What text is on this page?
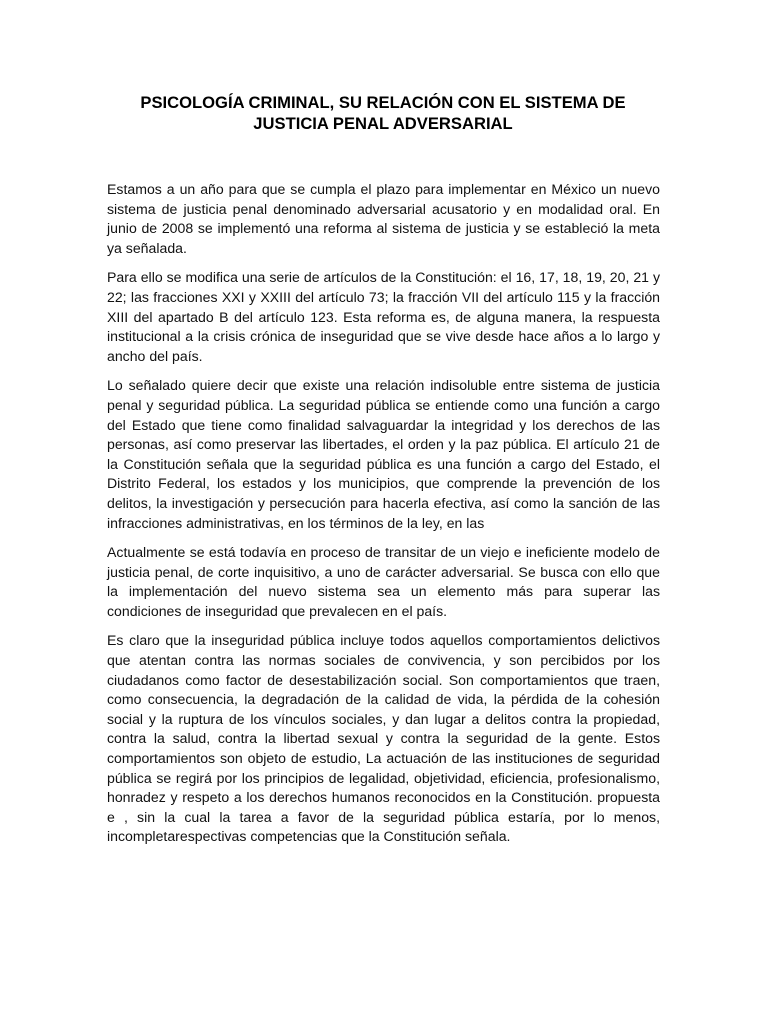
PSICOLOGÍA CRIMINAL, SU RELACIÓN CON EL SISTEMA DE
JUSTICIA PENAL ADVERSARIAL

Estamos a un año para que se cumpla el plazo para implementar en México un nuevo sistema de justicia penal denominado adversarial acusatorio y en modalidad oral. En junio de 2008 se implementó una reforma al sistema de justicia y se estableció la meta ya señalada.

Para ello se modifica una serie de artículos de la Constitución: el 16, 17, 18, 19, 20, 21 y 22; las fracciones XXI y XXIII del artículo 73; la fracción VII del artículo 115 y la fracción XIII del apartado B del artículo 123. Esta reforma es, de alguna manera, la respuesta institucional a la crisis crónica de inseguridad que se vive desde hace años a lo largo y ancho del país.

Lo señalado quiere decir que existe una relación indisoluble entre sistema de justicia penal y seguridad pública. La seguridad pública se entiende como una función a cargo del Estado que tiene como finalidad salvaguardar la integridad y los derechos de las personas, así como preservar las libertades, el orden y la paz pública. El artículo 21 de la Constitución señala que la seguridad pública es una función a cargo del Estado, el Distrito Federal, los estados y los municipios, que comprende la prevención de los delitos, la investigación y persecución para hacerla efectiva, así como la sanción de las infracciones administrativas, en los términos de la ley, en las

Actualmente se está todavía en proceso de transitar de un viejo e ineficiente modelo de justicia penal, de corte inquisitivo, a uno de carácter adversarial. Se busca con ello que la implementación del nuevo sistema sea un elemento más para superar las condiciones de inseguridad que prevalecen en el país.

Es claro que la inseguridad pública incluye todos aquellos comportamientos delictivos que atentan contra las normas sociales de convivencia, y son percibidos por los ciudadanos como factor de desestabilización social. Son comportamientos que traen, como consecuencia, la degradación de la calidad de vida, la pérdida de la cohesión social y la ruptura de los vínculos sociales, y dan lugar a delitos contra la propiedad, contra la salud, contra la libertad sexual y contra la seguridad de la gente. Estos comportamientos son objeto de estudio, La actuación de las instituciones de seguridad pública se regirá por los principios de legalidad, objetividad, eficiencia, profesionalismo, honradez y respeto a los derechos humanos reconocidos en la Constitución. propuesta e , sin la cual la tarea a favor de la seguridad pública estaría, por lo menos, incompletarespectivas competencias que la Constitución señala.
